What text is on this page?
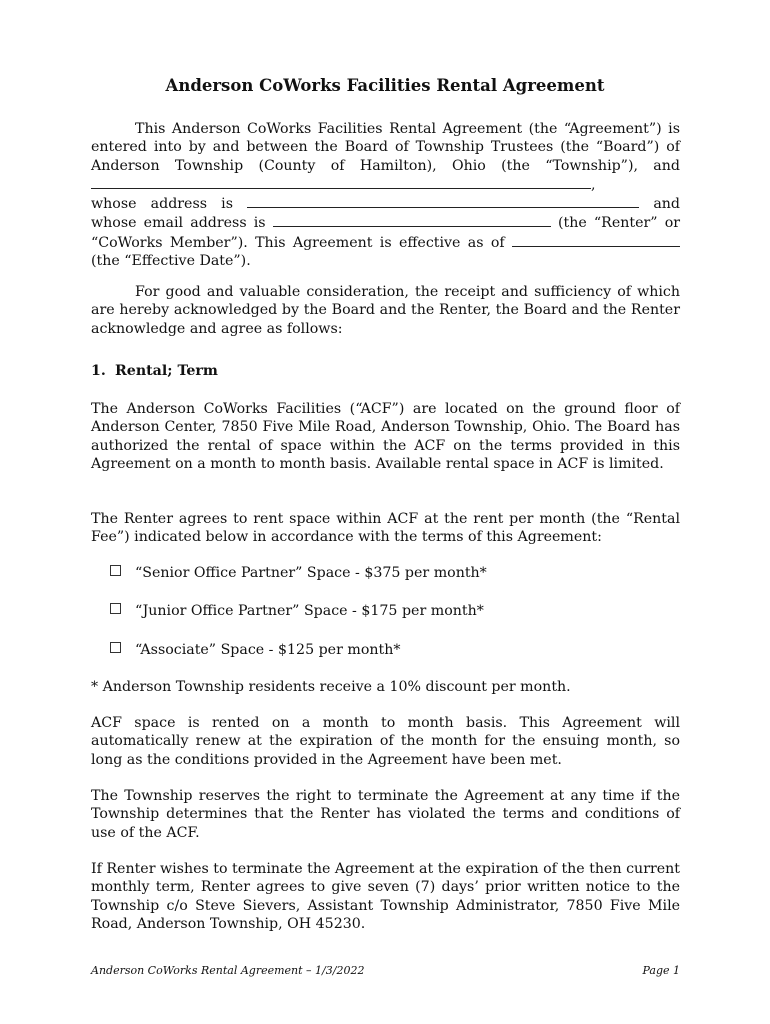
Anderson CoWorks Facilities Rental Agreement
This Anderson CoWorks Facilities Rental Agreement (the “Agreement”) is
entered into by and between the Board of Township Trustees (the “Board”) of
Anderson Township (County of Hamilton), Ohio (the “Township”), and
,
whose address is	and
whose email address is	(the “Renter” or
“CoWorks Member”). This Agreement is effective as of
(the “Effective Date”).
For good and valuable consideration, the receipt and sufficiency of which are hereby acknowledged by the Board and the Renter, the Board and the Renter acknowledge and agree as follows:
1. Rental; Term
The Anderson CoWorks Facilities (“ACF”) are located on the ground floor of Anderson Center, 7850 Five Mile Road, Anderson Township, Ohio. The Board has authorized the rental of space within the ACF on the terms provided in this Agreement on a month to month basis. Available rental space in ACF is limited.
The Renter agrees to rent space within ACF at the rent per month (the “Rental Fee”) indicated below in accordance with the terms of this Agreement:
“Senior Office Partner” Space - $375 per month*
“Junior Office Partner” Space - $175 per month*
“Associate” Space - $125 per month*
* Anderson Township residents receive a 10% discount per month.
ACF space is rented on a month to month basis. This Agreement will automatically renew at the expiration of the month for the ensuing month, so long as the conditions provided in the Agreement have been met.
The Township reserves the right to terminate the Agreement at any time if the Township determines that the Renter has violated the terms and conditions of use of the ACF.
If Renter wishes to terminate the Agreement at the expiration of the then current monthly term, Renter agrees to give seven (7) days’ prior written notice to the Township c/o Steve Sievers, Assistant Township Administrator, 7850 Five Mile Road, Anderson Township, OH 45230.
Anderson CoWorks Rental Agreement – 1/3/2022	Page 1
